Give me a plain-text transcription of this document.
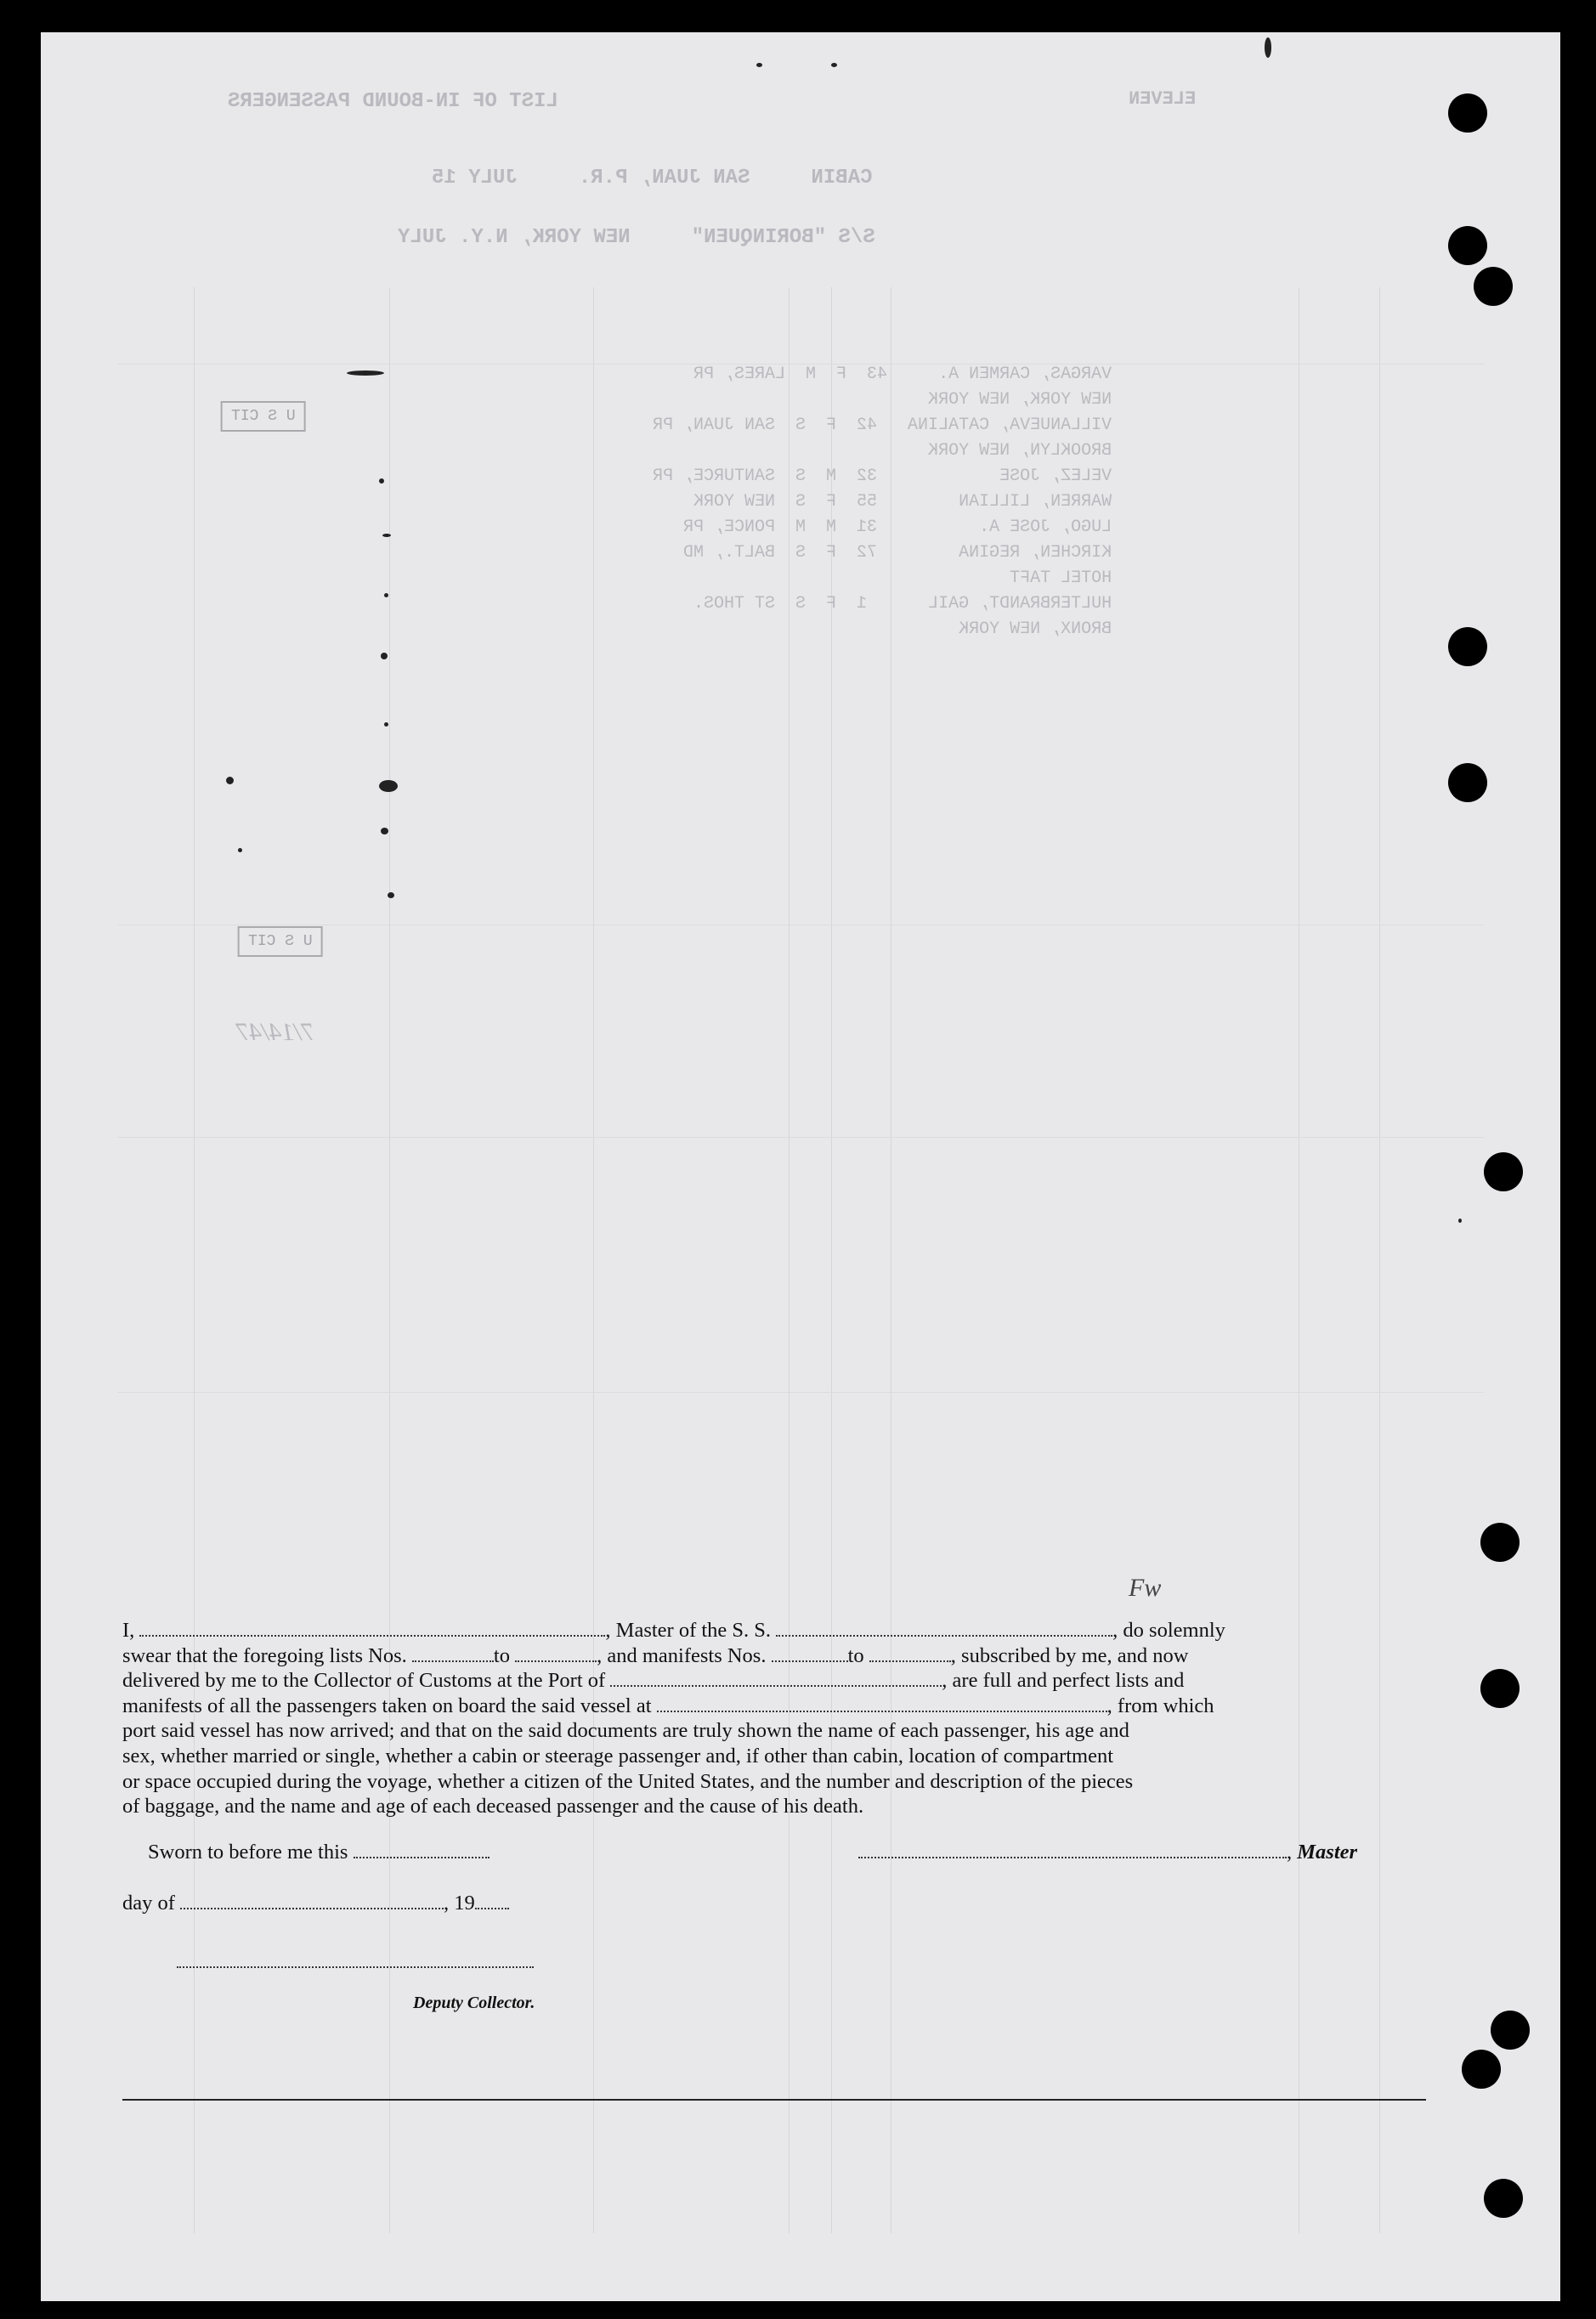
LIST OF IN-BOUND PASSENGERS	ELEVEN
CABIN     SAN JUAN, P.R.     JULY 15
S/S "BORINQUEN"     NEW YORK, N.Y. JULY
VARGAS, CARMEN A.     43  F  M  LARES, PR
NEW YORK, NEW YORK
VILLANUEVA, CATALINA   42  F  S  SAN JUAN, PR
BROOKLYN, NEW YORK
VELEZ, JOSE            32  M  S  SANTURCE, PR
WARREN, LILLIAN        55  F  S  NEW YORK
LUGO, JOSE A.          31  M  M  PONCE, PR
KIRCHEN, REGINA        72  F  S  BALT., MD
HOTEL TAFT
HULTERBRANDT, GAIL      1  F  S  ST THOS.
BRONX, NEW YORK
U S CIT
U S CIT
7/14/47
Fw
I,	, Master of the S. S.	, do solemnly
swear that the foregoing lists Nos.	to	, and manifests Nos.	to	, subscribed by me, and now
delivered by me to the Collector of Customs at the Port of	, are full and perfect lists and
manifests of all the passengers taken on board the said vessel at	, from which
port said vessel has now arrived; and that on the said documents are truly shown the name of each passenger, his age and
sex, whether married or single, whether a cabin or steerage passenger and, if other than cabin, location of compartment
or space occupied during the voyage, whether a citizen of the United States, and the number and description of the pieces
of baggage, and the name and age of each deceased passenger and the cause of his death.
Sworn to before me this	, Master
day of	, 19
Deputy Collector.
